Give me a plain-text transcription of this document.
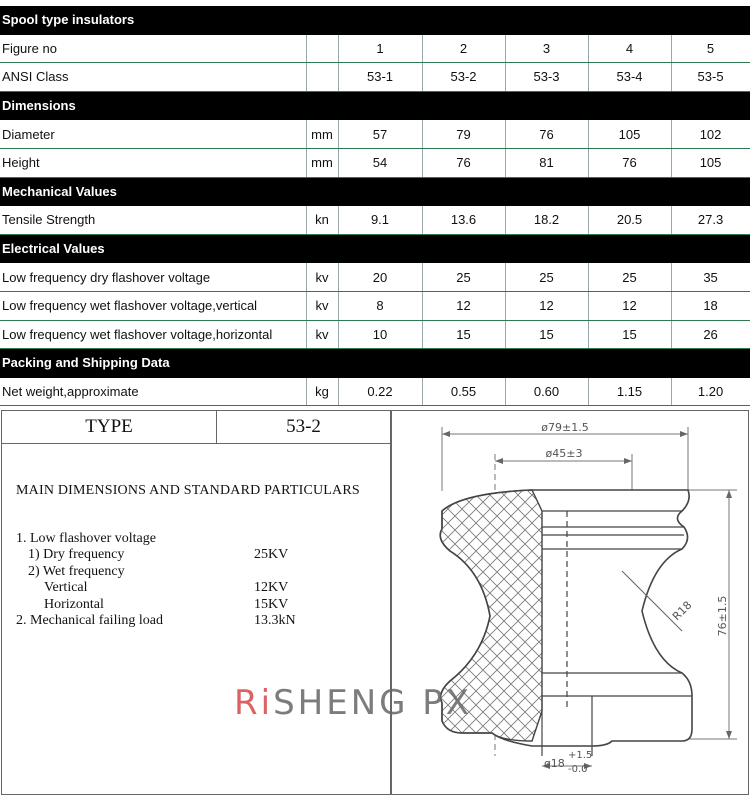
Spool type insulators						
Figure no		1	2	3	4	5
ANSI Class		53-1	53-2	53-3	53-4	53-5
Dimensions						
Diameter	mm	57	79	76	105	102
Height	mm	54	76	81	76	105
Mechanical Values						
Tensile Strength	kn	9.1	13.6	18.2	20.5	27.3
Electrical Values						
Low frequency dry flashover voltage	kv	20	25	25	25	35
Low frequency wet flashover voltage,vertical	kv	8	12	12	12	18
Low frequency wet flashover voltage,horizontal	kv	10	15	15	15	26
Packing and Shipping Data						
Net weight,approximate	kg	0.22	0.55	0.60	1.15	1.20
TYPE	53-2
MAIN DIMENSIONS AND STANDARD PARTICULARS
1. Low flashover voltage
1) Dry frequency	25KV
2) Wet frequency
Vertical	12KV
Horizontal	15KV
2. Mechanical failing load	13.3kN
ø79±1.5
ø45±3
76±1.5
R18
ø18
+1.5
-0.0
RiSHENG PX
